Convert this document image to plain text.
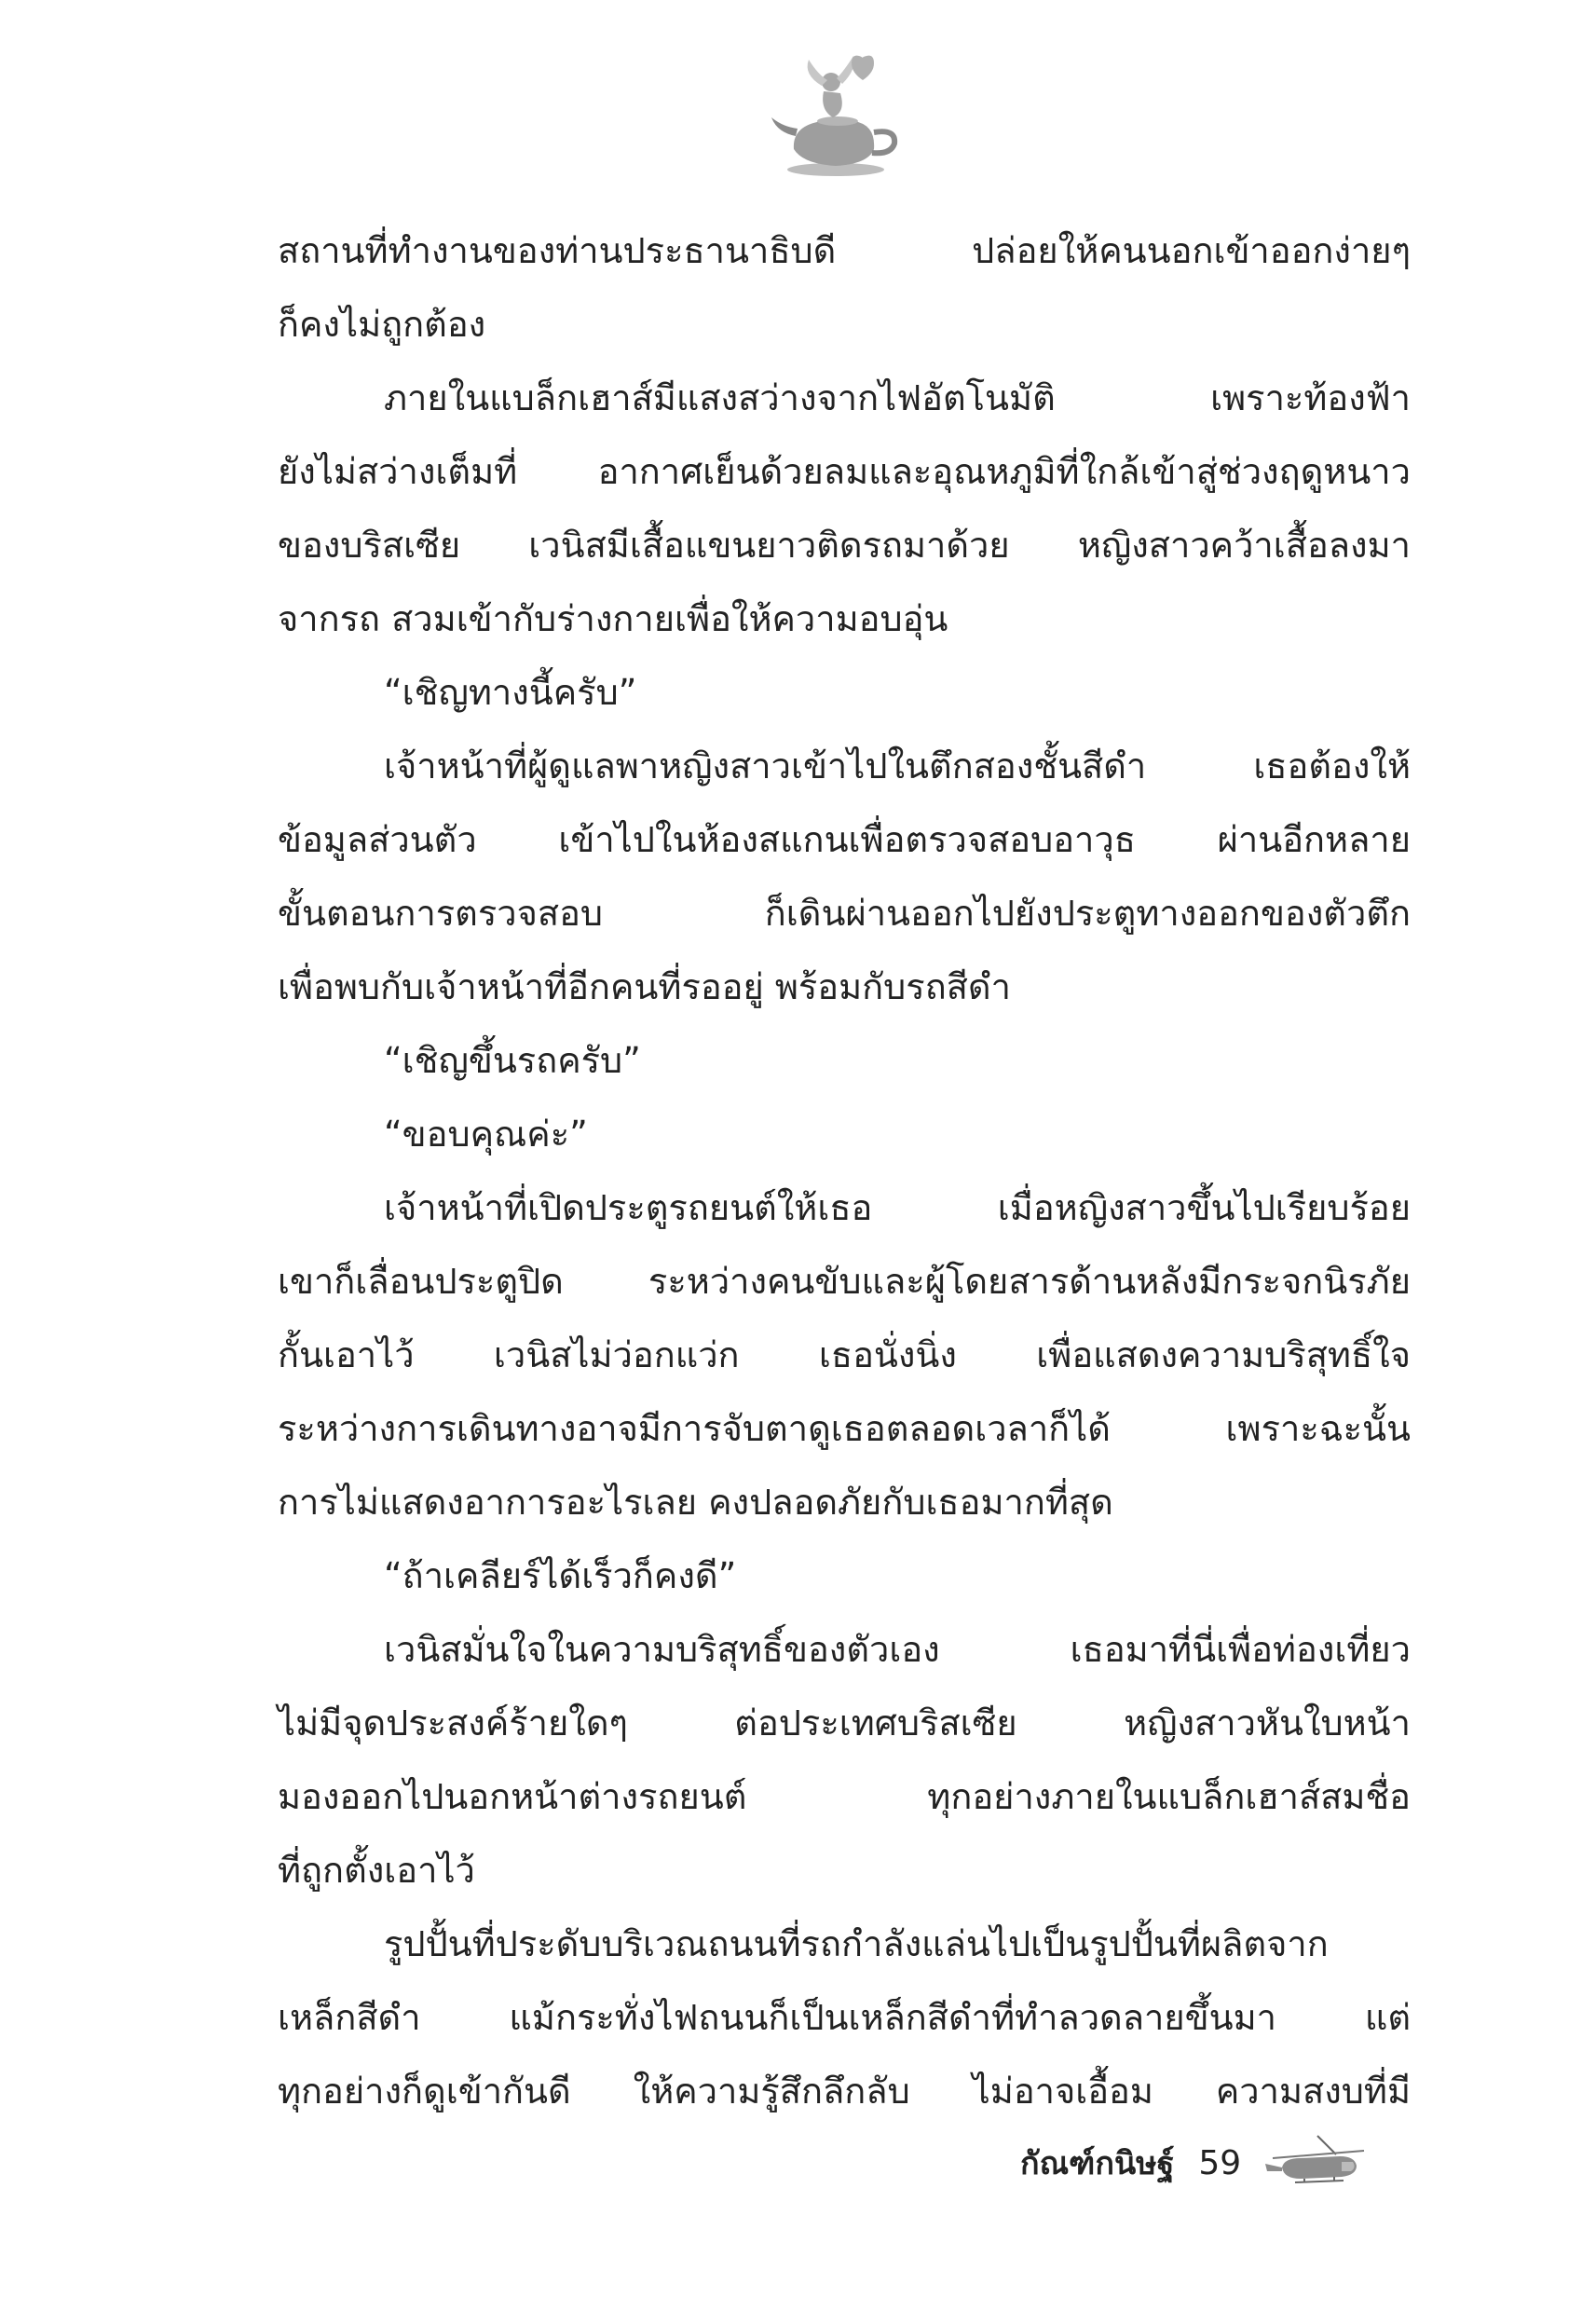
สถานที่ทำงานของท่านประธานาธิบดี ปล่อยให้คนนอกเข้าออกง่ายๆ
ก็คงไม่ถูกต้อง

ภายในแบล็กเฮาส์มีแสงสว่างจากไฟอัตโนมัติ เพราะท้องฟ้า
ยังไม่สว่างเต็มที่ อากาศเย็นด้วยลมและอุณหภูมิที่ใกล้เข้าสู่ช่วงฤดูหนาว
ของบริสเซีย เวนิสมีเสื้อแขนยาวติดรถมาด้วย หญิงสาวคว้าเสื้อลงมา
จากรถ สวมเข้ากับร่างกายเพื่อให้ความอบอุ่น

“เชิญทางนี้ครับ”

เจ้าหน้าที่ผู้ดูแลพาหญิงสาวเข้าไปในตึกสองชั้นสีดำ เธอต้องให้
ข้อมูลส่วนตัว เข้าไปในห้องสแกนเพื่อตรวจสอบอาวุธ ผ่านอีกหลาย
ขั้นตอนการตรวจสอบ ก็เดินผ่านออกไปยังประตูทางออกของตัวตึก
เพื่อพบกับเจ้าหน้าที่อีกคนที่รออยู่ พร้อมกับรถสีดำ

“เชิญขึ้นรถครับ”

“ขอบคุณค่ะ”

เจ้าหน้าที่เปิดประตูรถยนต์ให้เธอ เมื่อหญิงสาวขึ้นไปเรียบร้อย
เขาก็เลื่อนประตูปิด ระหว่างคนขับและผู้โดยสารด้านหลังมีกระจกนิรภัย
กั้นเอาไว้ เวนิสไม่ว่อกแว่ก เธอนั่งนิ่ง เพื่อแสดงความบริสุทธิ์ใจ
ระหว่างการเดินทางอาจมีการจับตาดูเธอตลอดเวลาก็ได้ เพราะฉะนั้น
การไม่แสดงอาการอะไรเลย คงปลอดภัยกับเธอมากที่สุด

“ถ้าเคลียร์ได้เร็วก็คงดี”

เวนิสมั่นใจในความบริสุทธิ์ของตัวเอง เธอมาที่นี่เพื่อท่องเที่ยว
ไม่มีจุดประสงค์ร้ายใดๆ ต่อประเทศบริสเซีย หญิงสาวหันใบหน้า
มองออกไปนอกหน้าต่างรถยนต์ ทุกอย่างภายในแบล็กเฮาส์สมชื่อ
ที่ถูกตั้งเอาไว้

รูปปั้นที่ประดับบริเวณถนนที่รถกำลังแล่นไปเป็นรูปปั้นที่ผลิตจาก
เหล็กสีดำ แม้กระทั่งไฟถนนก็เป็นเหล็กสีดำที่ทำลวดลายขึ้นมา แต่
ทุกอย่างก็ดูเข้ากันดี ให้ความรู้สึกลึกลับ ไม่อาจเอื้อม ความสงบที่มี

กัณฑ์กนิษฐ์ 59
